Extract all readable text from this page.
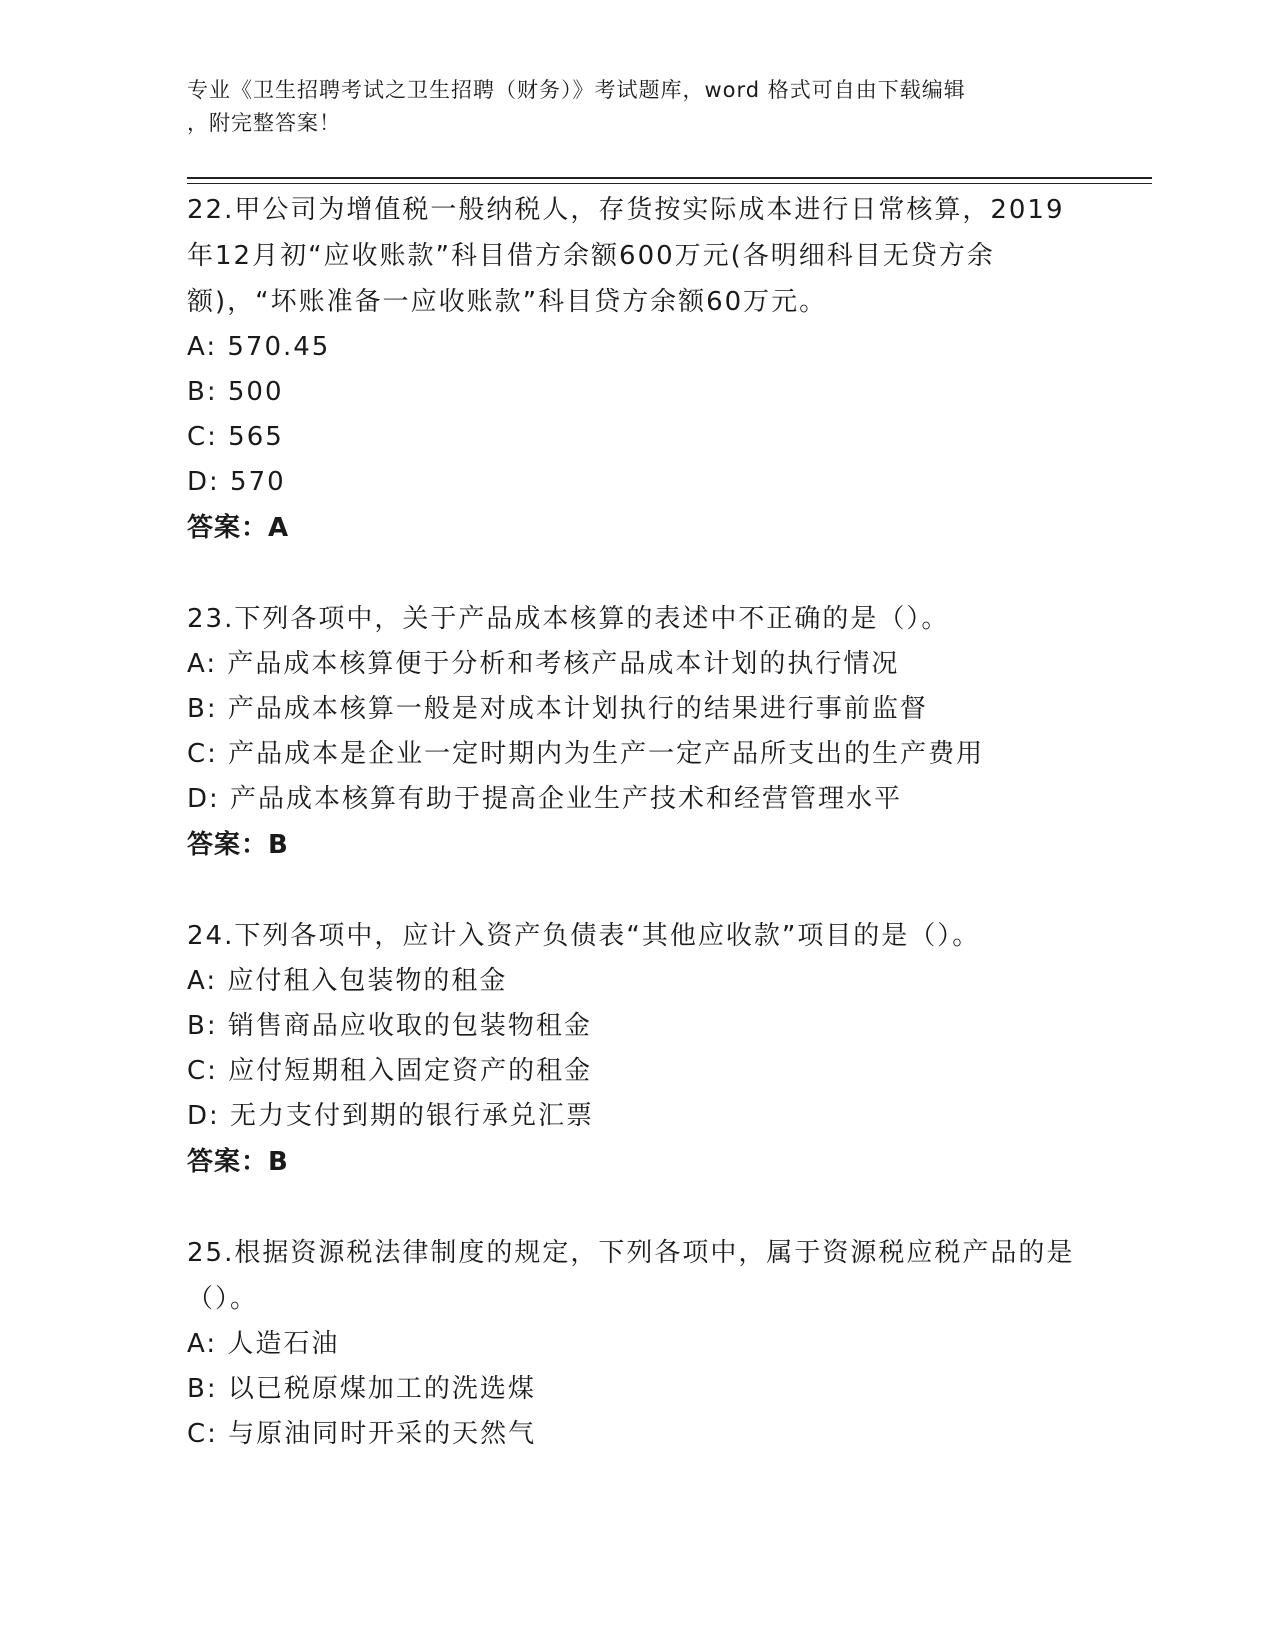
专业《卫生招聘考试之卫生招聘（财务）》考试题库，word 格式可自由下载编辑
，附完整答案！

22.甲公司为增值税一般纳税人，存货按实际成本进行日常核算，2019年12月初“应收账款”科目借方余额600万元(各明细科目无贷方余额)，“坏账准备一应收账款”科目贷方余额60万元。

A: 570.45

B: 500

C: 565

D: 570

答案：A

23.下列各项中，关于产品成本核算的表述中不正确的是（）。

A: 产品成本核算便于分析和考核产品成本计划的执行情况

B: 产品成本核算一般是对成本计划执行的结果进行事前监督

C: 产品成本是企业一定时期内为生产一定产品所支出的生产费用

D: 产品成本核算有助于提高企业生产技术和经营管理水平

答案：B

24.下列各项中，应计入资产负债表“其他应收款”项目的是（）。

A: 应付租入包装物的租金

B: 销售商品应收取的包装物租金

C: 应付短期租入固定资产的租金

D: 无力支付到期的银行承兑汇票

答案：B

25.根据资源税法律制度的规定，下列各项中，属于资源税应税产品的是（）。

A: 人造石油

B: 以已税原煤加工的洗选煤

C: 与原油同时开采的天然气
